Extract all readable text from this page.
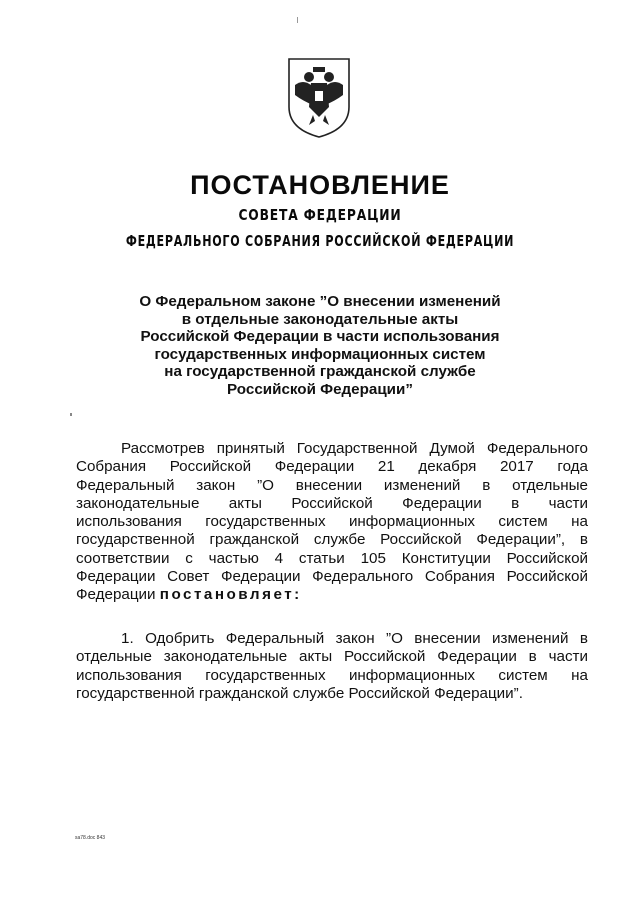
ПОСТАНОВЛЕНИЕ
СОВЕТА ФЕДЕРАЦИИ
ФЕДЕРАЛЬНОГО СОБРАНИЯ РОССИЙСКОЙ ФЕДЕРАЦИИ
О Федеральном законе ”О внесении изменений
в отдельные законодательные акты
Российской Федерации в части использования
государственных информационных систем
на государственной гражданской службе
Российской Федерации”
Рассмотрев принятый Государственной Думой Федерального
Собрания Российской Федерации 21 декабря 2017 года
Федеральный закон ”О внесении изменений в отдельные
законодательные акты Российской Федерации в части
использования государственных информационных систем на
государственной гражданской службе Российской Федерации”, в
соответствии с частью 4 статьи 105 Конституции Российской
Федерации Совет Федерации Федерального Собрания Российской
Федерации постановляет:
1. Одобрить Федеральный закон ”О внесении изменений в
отдельные законодательные акты Российской Федерации в части
использования государственных информационных систем на
государственной гражданской службе Российской Федерации”.
sa78.doc 843
